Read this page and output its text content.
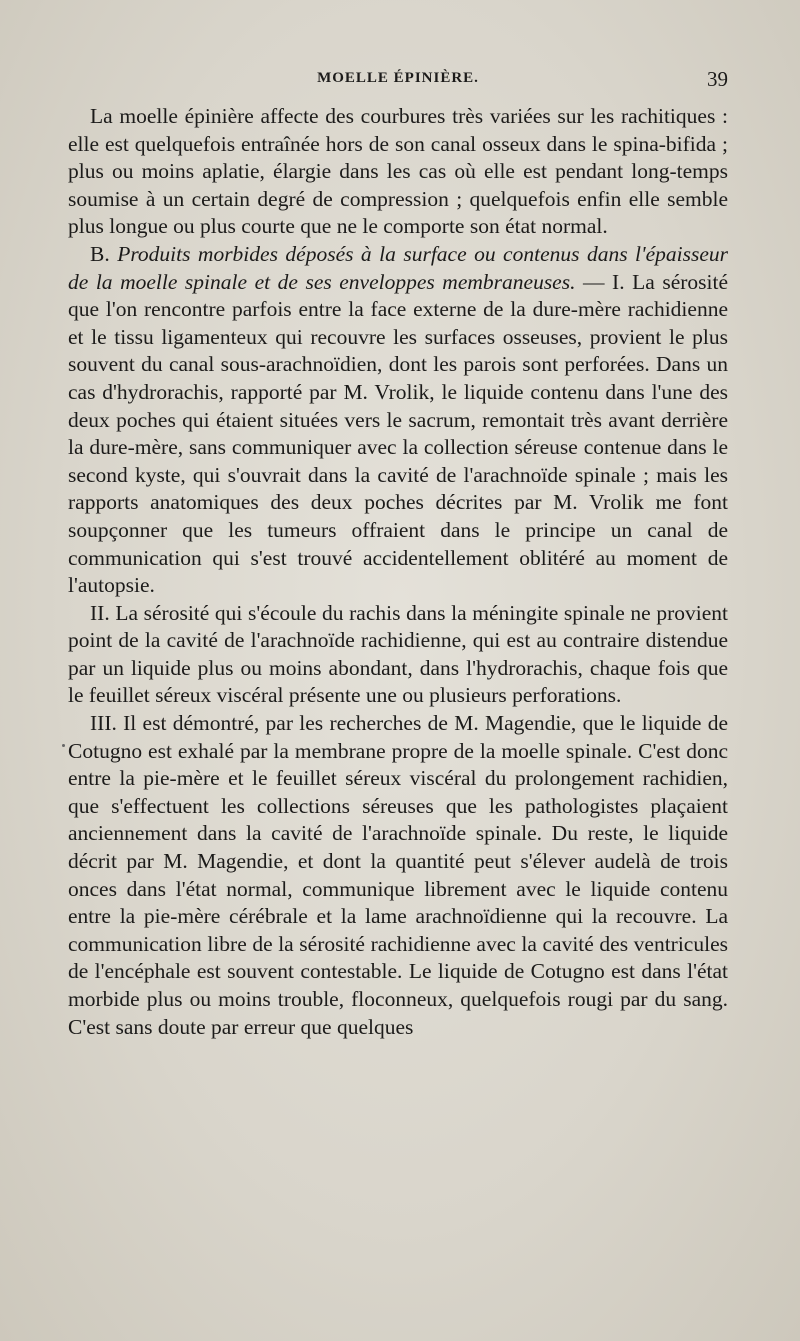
MOELLE ÉPINIÈRE.	39

La moelle épinière affecte des courbures très variées sur les rachitiques : elle est quelquefois entraînée hors de son canal osseux dans le spina-bifida ; plus ou moins aplatie, élargie dans les cas où elle est pendant long-temps soumise à un certain degré de compression ; quelquefois enfin elle semble plus longue ou plus courte que ne le comporte son état normal.

B. Produits morbides déposés à la surface ou contenus dans l'épaisseur de la moelle spinale et de ses enveloppes membraneuses. — I. La sérosité que l'on rencontre parfois entre la face externe de la dure-mère rachidienne et le tissu ligamenteux qui recouvre les surfaces osseuses, provient le plus souvent du canal sous-arachnoïdien, dont les parois sont perforées. Dans un cas d'hydrorachis, rapporté par M. Vrolik, le liquide contenu dans l'une des deux poches qui étaient situées vers le sacrum, remontait très avant derrière la dure-mère, sans communiquer avec la collection séreuse contenue dans le second kyste, qui s'ouvrait dans la cavité de l'arachnoïde spinale ; mais les rapports anatomiques des deux poches décrites par M. Vrolik me font soupçonner que les tumeurs offraient dans le principe un canal de communication qui s'est trouvé accidentellement oblitéré au moment de l'autopsie.

II. La sérosité qui s'écoule du rachis dans la méningite spinale ne provient point de la cavité de l'arachnoïde rachidienne, qui est au contraire distendue par un liquide plus ou moins abondant, dans l'hydrorachis, chaque fois que le feuillet séreux viscéral présente une ou plusieurs perforations.

III. Il est démontré, par les recherches de M. Magendie, que le liquide de Cotugno est exhalé par la membrane propre de la moelle spinale. C'est donc entre la pie-mère et le feuillet séreux viscéral du prolongement rachidien, que s'effectuent les collections séreuses que les pathologistes plaçaient anciennement dans la cavité de l'arachnoïde spinale. Du reste, le liquide décrit par M. Magendie, et dont la quantité peut s'élever audelà de trois onces dans l'état normal, communique librement avec le liquide contenu entre la pie-mère cérébrale et la lame arachnoïdienne qui la recouvre. La communication libre de la sérosité rachidienne avec la cavité des ventricules de l'encéphale est souvent contestable. Le liquide de Cotugno est dans l'état morbide plus ou moins trouble, floconneux, quelquefois rougi par du sang. C'est sans doute par erreur que quelques
